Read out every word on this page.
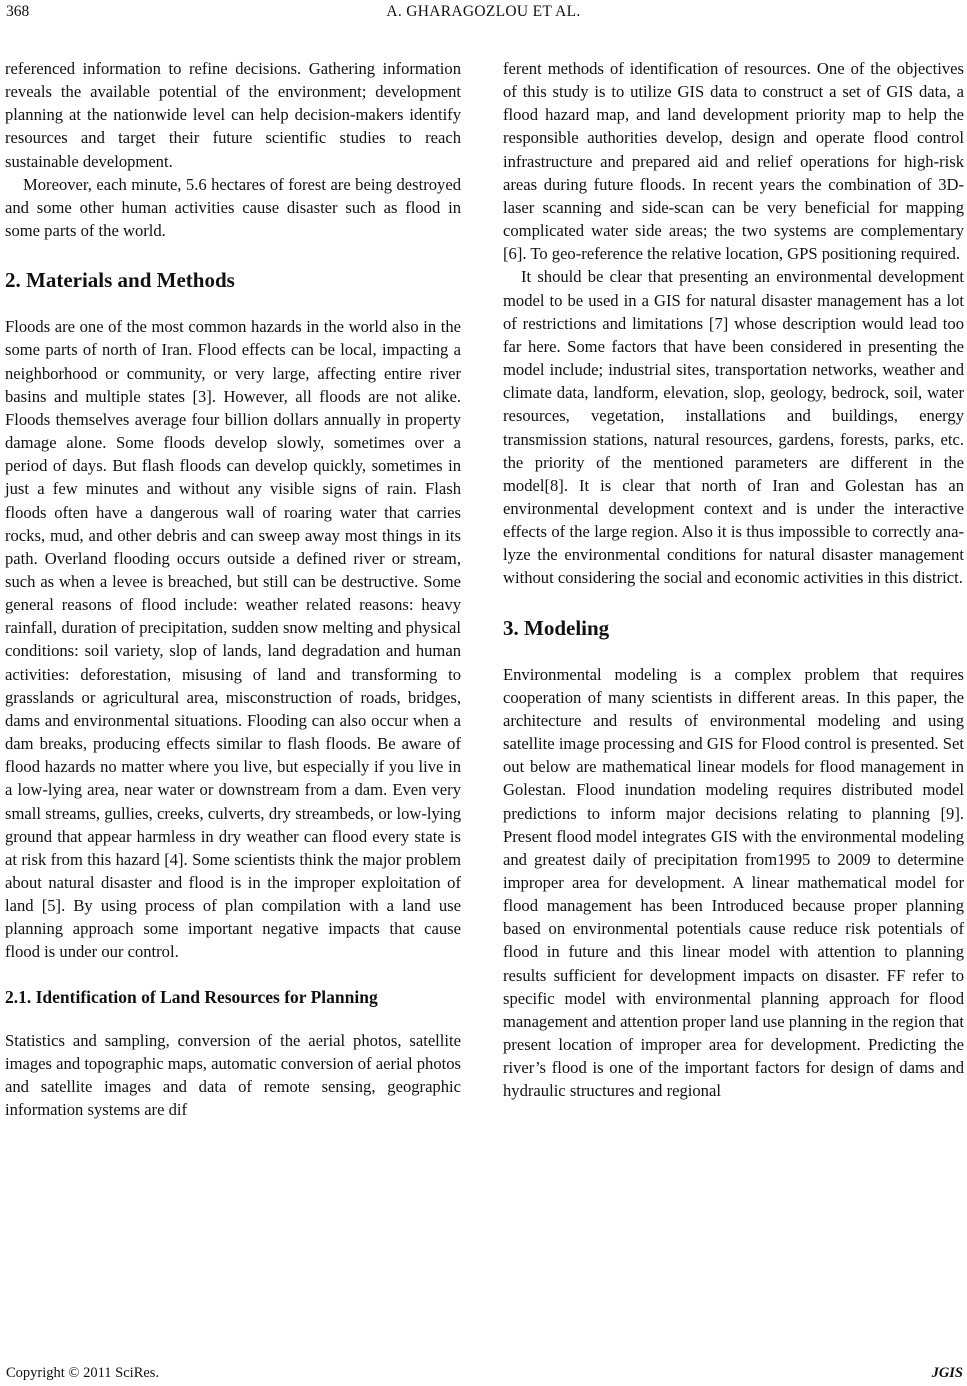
368	A. GHARAGOZLOU ET AL.

referenced information to refine decisions. Gathering information reveals the available potential of the environment; development planning at the nationwide level can help decision-makers identify resources and target their future scientific studies to reach sustainable development.

Moreover, each minute, 5.6 hectares of forest are being destroyed and some other human activities cause disaster such as flood in some parts of the world.

2. Materials and Methods

Floods are one of the most common hazards in the world also in the some parts of north of Iran. Flood effects can be local, impacting a neighborhood or community, or very large, affecting entire river basins and multiple states [3]. However, all floods are not alike. Floods themselves average four billion dollars annually in property damage alone. Some floods develop slowly, sometimes over a period of days. But flash floods can develop quickly, sometimes in just a few minutes and without any visible signs of rain. Flash floods often have a dangerous wall of roaring water that carries rocks, mud, and other debris and can sweep away most things in its path. Overland flooding occurs outside a defined river or stream, such as when a levee is breached, but still can be destructive. Some general reasons of flood include: weather related reasons: heavy rainfall, duration of precipitation, sudden snow melting and physical conditions: soil variety, slop of lands, land degradation and human activities: deforestation, misusing of land and transforming to grasslands or agricultural area, misconstruction of roads, bridges, dams and environmental situations. Flooding can also occur when a dam breaks, producing effects similar to flash floods. Be aware of flood hazards no matter where you live, but especially if you live in a low-lying area, near water or downstream from a dam. Even very small streams, gullies, creeks, culverts, dry streambeds, or low-lying ground that appear harmless in dry weather can flood every state is at risk from this hazard [4]. Some scientists think the major problem about natural disaster and flood is in the improper exploitation of land [5]. By using process of plan compilation with a land use planning approach some important negative impacts that cause flood is under our control.

2.1. Identification of Land Resources for Planning

Statistics and sampling, conversion of the aerial photos, satellite images and topographic maps, automatic conversion of aerial photos and satellite images and data of remote sensing, geographic information systems are dif

ferent methods of identification of resources. One of the objectives of this study is to utilize GIS data to construct a set of GIS data, a flood hazard map, and land development priority map to help the responsible authorities develop, design and operate flood control infrastructure and prepared aid and relief operations for high-risk areas during future floods. In recent years the combination of 3D-laser scanning and side-scan can be very beneficial for mapping complicated water side areas; the two systems are complementary [6]. To geo-reference the relative location, GPS positioning required.

It should be clear that presenting an environmental development model to be used in a GIS for natural disaster management has a lot of restrictions and limitations [7] whose description would lead too far here. Some factors that have been considered in presenting the model include; industrial sites, transportation networks, weather and climate data, landform, elevation, slop, geology, bedrock, soil, water resources, vegetation, installations and buildings, energy transmission stations, natural resources, gardens, forests, parks, etc. the priority of the mentioned parameters are different in the model[8]. It is clear that north of Iran and Golestan has an environmental development context and is under the interactive effects of the large region. Also it is thus impossible to correctly analyze the environmental conditions for natural disaster management without considering the social and economic activities in this district.

3. Modeling

Environmental modeling is a complex problem that requires cooperation of many scientists in different areas. In this paper, the architecture and results of environmental modeling and using satellite image processing and GIS for Flood control is presented. Set out below are mathematical linear models for flood management in Golestan. Flood inundation modeling requires distributed model predictions to inform major decisions relating to planning [9]. Present flood model integrates GIS with the environmental modeling and greatest daily of precipitation from1995 to 2009 to determine improper area for development. A linear mathematical model for flood management has been Introduced because proper planning based on environmental potentials cause reduce risk potentials of flood in future and this linear model with attention to planning results sufficient for development impacts on disaster. FF refer to specific model with environmental planning approach for flood management and attention proper land use planning in the region that present location of improper area for development. Predicting the river’s flood is one of the important factors for design of dams and hydraulic structures and regional

Copyright © 2011 SciRes.	JGIS
